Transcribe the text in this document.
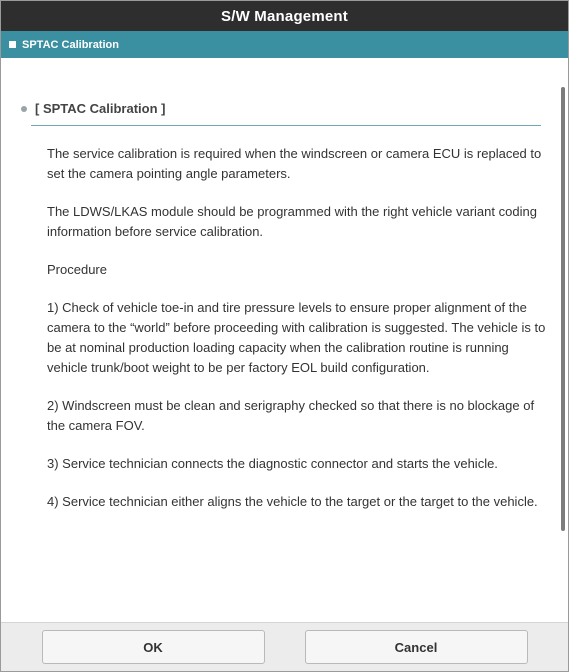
S/W Management
SPTAC Calibration
[ SPTAC Calibration ]

The service calibration is required when the windscreen or camera ECU is replaced to set the camera pointing angle parameters.

The LDWS/LKAS module should be programmed with the right vehicle variant coding information before service calibration.

Procedure

1) Check of vehicle toe-in and tire pressure levels to ensure proper alignment of the camera to the “world” before proceeding with calibration is suggested. The vehicle is to be at nominal production loading capacity when the calibration routine is running vehicle trunk/boot weight to be per factory EOL build configuration.

2) Windscreen must be clean and serigraphy checked so that there is no blockage of the camera FOV.

3) Service technician connects the diagnostic connector and starts the vehicle.

4) Service technician either aligns the vehicle to the target or the target to the vehicle.

OK	Cancel
